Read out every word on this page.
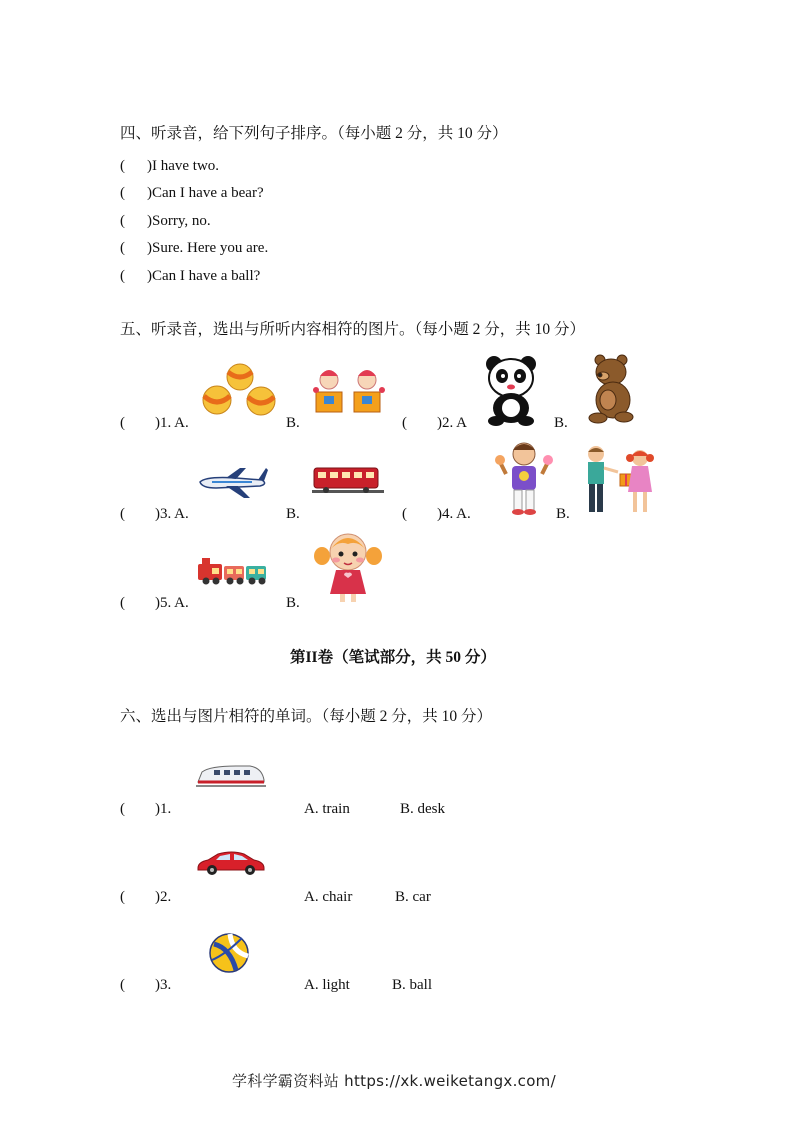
四、听录音，给下列句子排序。（每小题 2 分，共 10 分）
( )I have two.
( )Can I have a bear?
( )Sorry, no.
( )Sure. Here you are.
( )Can I have a ball?
五、听录音，选出与所听内容相符的图片。（每小题 2 分，共 10 分）
( )1. A.	B.	( )2. A	B.
( )3. A.	B.	( )4. A.	B.
( )5. A.	B.
第II卷（笔试部分，共 50 分）
六、选出与图片相符的单词。（每小题 2 分，共 10 分）
( )1.	A. train	B. desk
( )2.	A. chair	B. car
( )3.	A. light	B. ball
学科学霸资料站 https://xk.weiketangx.com/
